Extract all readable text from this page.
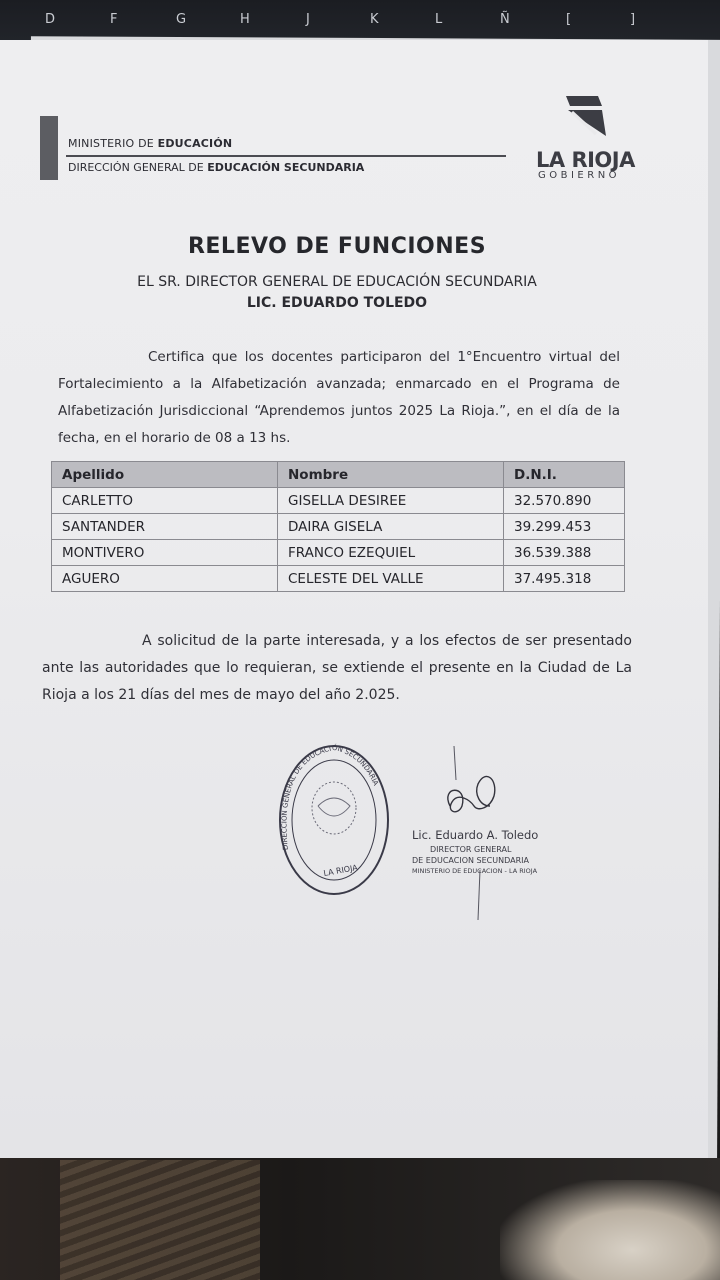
D	F	G	H	J	K	L	Ñ	[	]
MINISTERIO DE EDUCACIÓN
DIRECCIÓN GENERAL DE EDUCACIÓN SECUNDARIA	LA RIOJA
GOBIERNO
RELEVO DE FUNCIONES
EL SR. DIRECTOR GENERAL DE EDUCACIÓN SECUNDARIA
LIC. EDUARDO TOLEDO
Certifica que los docentes participaron del 1°Encuentro virtual del Fortalecimiento a la Alfabetización avanzada; enmarcado en el Programa de Alfabetización Jurisdiccional “Aprendemos juntos 2025 La Rioja.”, en el día de la fecha, en el horario de 08 a 13 hs.
Apellido	Nombre	D.N.I.
CARLETTO	GISELLA DESIREE	32.570.890
SANTANDER	DAIRA GISELA	39.299.453
MONTIVERO	FRANCO EZEQUIEL	36.539.388
AGUERO	CELESTE DEL VALLE	37.495.318
A solicitud de la parte interesada, y a los efectos de ser presentado ante las autoridades que lo requieran, se extiende el presente en la Ciudad de La Rioja a los 21 días del mes de mayo del año 2.025.
LA RIOJA
DIRECCIÓN GENERAL DE EDUCACIÓN SECUNDARIA
Lic. Eduardo A. Toledo
DIRECTOR GENERAL
DE EDUCACION SECUNDARIA
MINISTERIO DE EDUCACION - LA RIOJA
